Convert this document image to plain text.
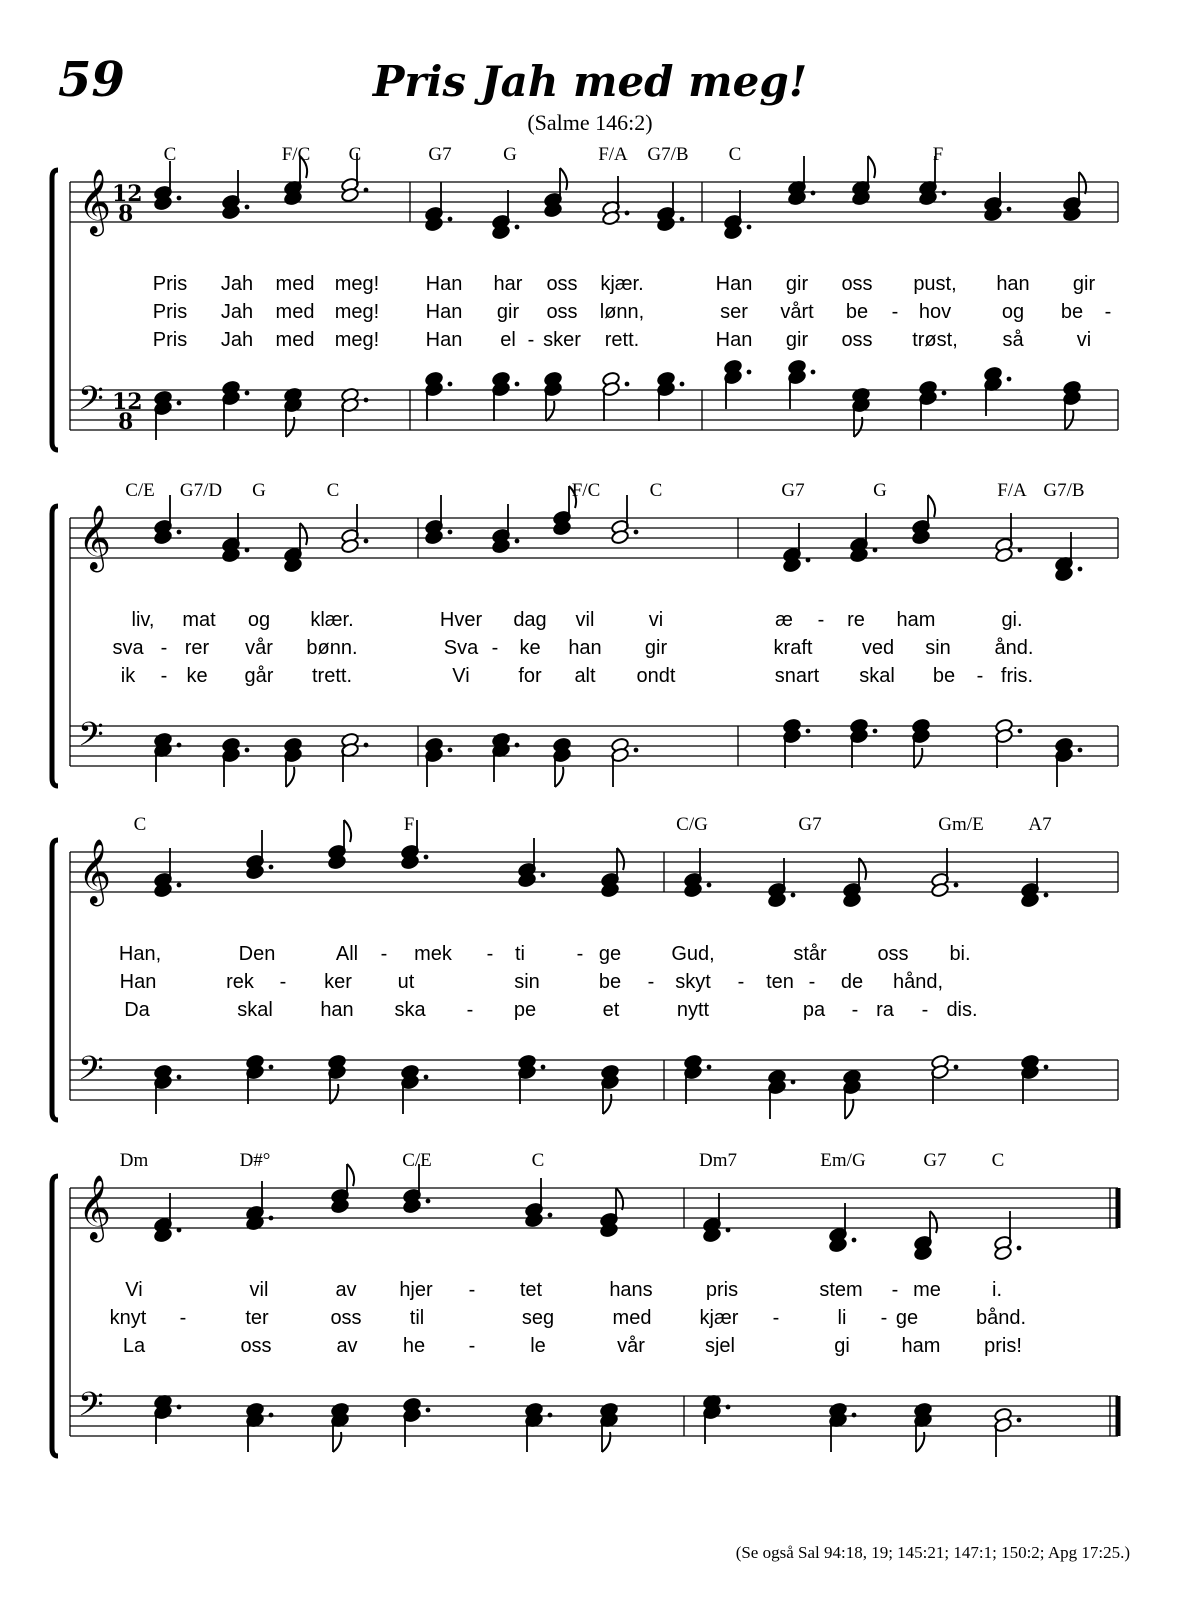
59	Pris Jah med meg!
(Salme 146:2)
𝄞
𝄢
12
8
12
8
C	F/C C	G7	G	F/A G7/B C	F
Pris Jah med meg! Han har oss kjær.	Han gir oss pust, han gir
Pris Jah med meg! Han gir oss lønn,	ser vårt be - hov	og be -
Pris Jah med meg! Han el - sker rett.	Han gir oss trøst, så	vi
𝄞
𝄢
C/E G7/D G	C	F/C	C	G7	G	F/A G7/B
liv, mat og klær.	Hver dag vil	vi	æ - re ham	gi.
sva - rer vår bønn.	Sva - ke han gir	kraft ved sin ånd.
ik - ke går trett.	Vi for alt ondt	snart skal be - fris.
𝄞
𝄢
C	F	C/G	G7	Gm/E A7
Han,	Den	All - mek - ti	- ge	Gud,	står	oss bi.
Han	rek - ker ut	sin	be - skyt - ten - de hånd,
Da	skal han ska - pe	et	nytt	pa - ra - dis.
𝄞
𝄢
Dm	D#°	C/E	C	Dm7	Em/G	G7 C
Vi	vil	av hjer - tet	hans	pris	stem - me	i.
knyt -	ter	oss til	seg	med kjær -	li - ge	bånd.
La	oss	av he -	le	vår	sjel	gi	ham pris!
(Se også Sal 94:18, 19; 145:21; 147:1; 150:2; Apg 17:25.)
